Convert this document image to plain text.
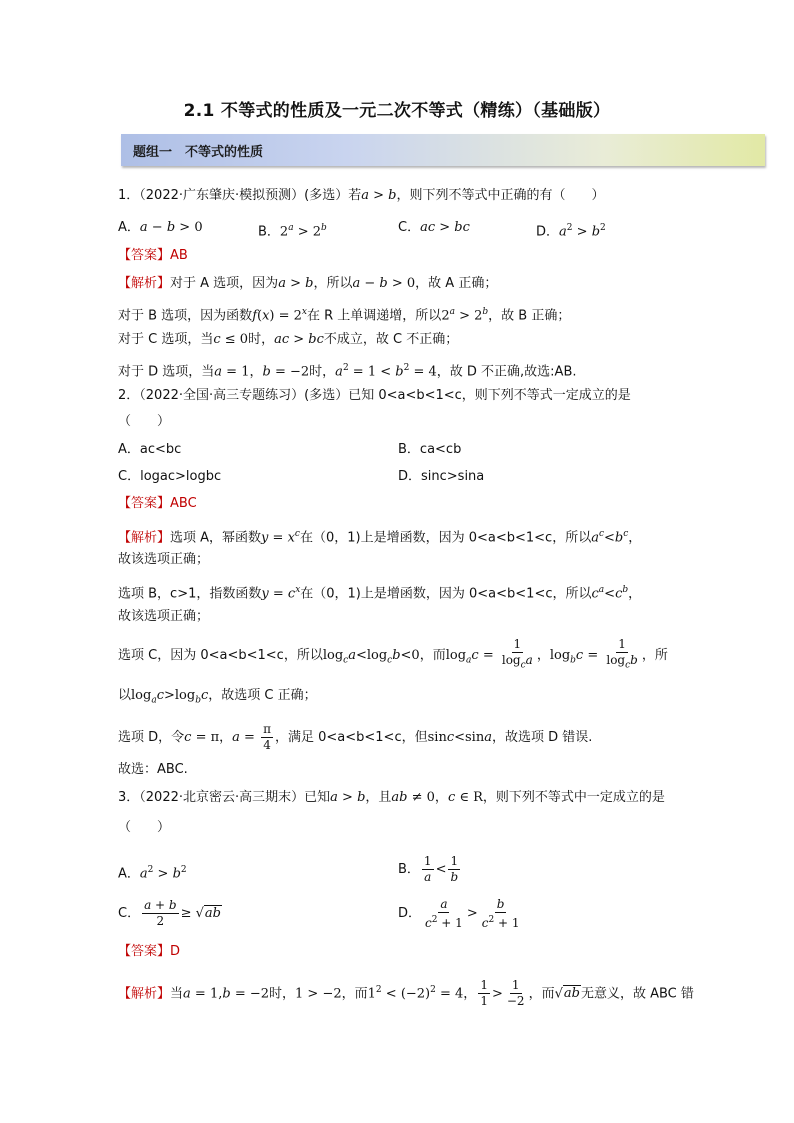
2.1 不等式的性质及一元二次不等式（精练）（基础版）
题组一　不等式的性质
1．（2022·广东肇庆·模拟预测）(多选）若a > b，则下列不等式中正确的有（　　）
A．a − b > 0	B．$2^a > 2^b$	C．ac > bc	D．$a^2 > b^2$
【答案】AB
【解析】对于 A 选项，因为a > b，所以a − b > 0，故 A 正确；
对于 B 选项，因为函数$f(x) = 2^x$在 R 上单调递增，所以$2^a > 2^b$，故 B 正确；
对于 C 选项，当c ≤ 0时，ac > bc不成立，故 C 不正确；
对于 D 选项，当a = 1，b = −2时，$a^2 = 1 < b^2 = 4$，故 D 不正确,故选:AB.
2．（2022·全国·高三专题练习）(多选）已知 0<a<b<1<c，则下列不等式一定成立的是
（　　）
A．ac<bc	B．ca<cb
C．logac>logbc	D．sinc>sina
【答案】ABC
【解析】选项 A，幂函数$y = x^c$在（0，1)上是增函数，因为 0<a<b<1<c，所以$a^c<b^c$，
故该选项正确；
选项 B，c>1，指数函数$y = c^x$在（0，1)上是增函数，因为 0<a<b<1<c，所以$c^a<c^b$，
故该选项正确；
选项 C，因为 0<a<b<1<c，所以$\log_ca<\log_cb<0$，而$\log_ac = \frac{1}{\log_ca}$ ，$\log_bc = \frac{1}{\log_cb}$ ，所
以$\log_ac>\log_bc$，故选项 C 正确；
选项 D，令c = π，$a = \frac{\pi}{4}$ ，满足 0<a<b<1<c，但sinc<sina，故选项 D 错误.
故选：ABC.
3．（2022·北京密云·高三期末）已知a > b，且ab ≠ 0，c ∈ R，则下列不等式中一定成立的是
（　　）
A．$a^2 > b^2$	B． $\frac{1}{a} < \frac{1}{b}$
C． $\frac{a + b}{2} \ge √ab$	D． $\frac{a}{c^2 + 1} > \frac{b}{c^2 + 1}$
【答案】D
【解析】当a = 1,b = −2时，1 > −2，而$1^2 < (-2)^2 = 4$， $\frac{1}{1} > \frac{1}{-2}$ ，而√ab无意义，故 ABC 错
